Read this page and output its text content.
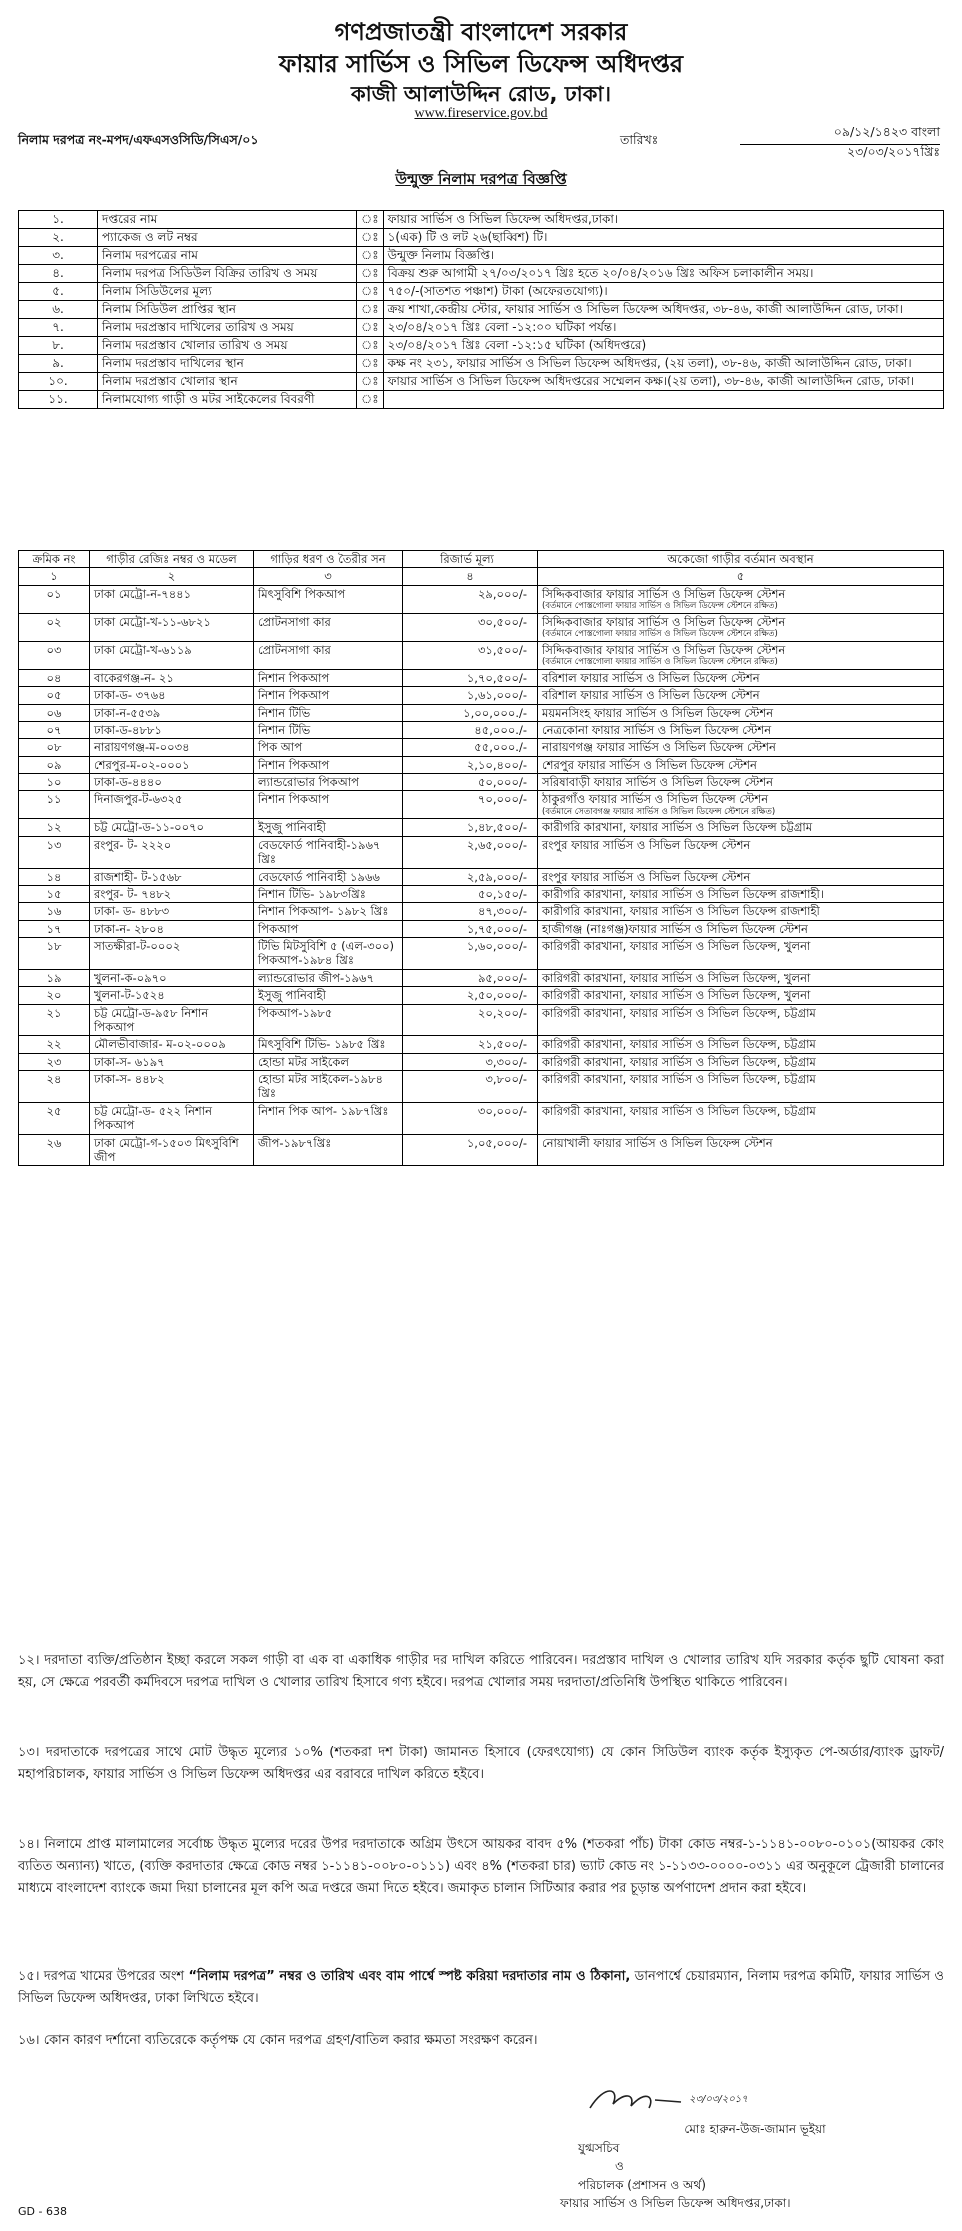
গণপ্রজাতন্ত্রী বাংলাদেশ সরকার
ফায়ার সার্ভিস ও সিভিল ডিফেন্স অধিদপ্তর
কাজী আলাউদ্দিন রোড, ঢাকা।
www.fireservice.gov.bd
নিলাম দরপত্র নং-মপদ/এফএসওসিডি/সিএস/০১	তারিখঃ
০৯/১২/১৪২৩ বাংলা
২৩/০৩/২০১৭খ্রিঃ
উন্মুক্ত নিলাম দরপত্র বিজ্ঞপ্তি
১.	দপ্তরের নাম	ঃ	ফায়ার সার্ভিস ও সিভিল ডিফেন্স অধিদপ্তর,ঢাকা।
২.	প্যাকেজ ও লট নম্বর	ঃ	১(এক) টি ও লট ২৬(ছাব্বিশ) টি।
৩.	নিলাম দরপত্রের নাম	ঃ	উন্মুক্ত নিলাম বিজ্ঞপ্তি।
৪.	নিলাম দরপত্র সিডিউল বিক্রির তারিখ ও সময়	ঃ	বিক্রয় শুরু আগামী ২৭/০৩/২০১৭ খ্রিঃ হতে ২০/০৪/২০১৬ খ্রিঃ অফিস চলাকালীন সময়।
৫.	নিলাম সিডিউলের মূল্য	ঃ	৭৫০/-(সাতশত পঞ্চাশ) টাকা (অফেরতযোগ্য)।
৬.	নিলাম সিডিউল প্রাপ্তির স্থান	ঃ	ক্রয় শাখা,কেন্দ্রীয় স্টোর, ফায়ার সার্ভিস ও সিভিল ডিফেন্স অধিদপ্তর, ৩৮-৪৬, কাজী আলাউদ্দিন রোড, ঢাকা।
৭.	নিলাম দরপ্রস্তাব দাখিলের তারিখ ও সময়	ঃ	২৩/০৪/২০১৭ খ্রিঃ বেলা -১২:০০ ঘটিকা পর্যন্ত।
৮.	নিলাম দরপ্রস্তাব খোলার তারিখ ও সময়	ঃ	২৩/০৪/২০১৭ খ্রিঃ বেলা -১২:১৫ ঘটিকা (অধিদপ্তরে)
৯.	নিলাম দরপ্রস্তাব দাখিলের স্থান	ঃ	কক্ষ নং ২৩১, ফায়ার সার্ভিস ও সিভিল ডিফেন্স অধিদপ্তর, (২য় তলা), ৩৮-৪৬, কাজী আলাউদ্দিন রোড, ঢাকা।
১০.	নিলাম দরপ্রস্তাব খোলার স্থান	ঃ	ফায়ার সার্ভিস ও সিভিল ডিফেন্স অধিদপ্তরের সম্মেলন কক্ষ।(২য় তলা), ৩৮-৪৬, কাজী আলাউদ্দিন রোড, ঢাকা।
১১.	নিলামযোগ্য গাড়ী ও মটর সাইকেলের বিবরণী	ঃ	
ক্রমিক নং	গাড়ীর রেজিঃ নম্বর ও মডেল	গাড়ির ধরণ ও তৈরীর সন	রিজার্ভ মূল্য	অকেজো গাড়ীর বর্তমান অবস্থান
১	২	৩	৪	৫
০১	ঢাকা মেট্রো-ন-৭৪৪১	মিৎসুবিশি পিকআপ	২৯,০০০/-	সিদ্দিকবাজার ফায়ার সার্ভিস ও সিভিল ডিফেন্স স্টেশন
(বর্তমানে পোস্তগোলা ফায়ার সার্ভিস ও সিভিল ডিফেন্স স্টেশনে রক্ষিত)

০২	ঢাকা মেট্রো-খ-১১-৬৮২১	প্রোটনসাগা কার	৩০,৫০০/-	সিদ্দিকবাজার ফায়ার সার্ভিস ও সিভিল ডিফেন্স স্টেশন
(বর্তমানে পোস্তগোলা ফায়ার সার্ভিস ও সিভিল ডিফেন্স স্টেশনে রক্ষিত)

০৩	ঢাকা মেট্রো-খ-৬১১৯	প্রোটনসাগা কার	৩১,৫০০/-	সিদ্দিকবাজার ফায়ার সার্ভিস ও সিভিল ডিফেন্স স্টেশন
(বর্তমানে পোস্তগোলা ফায়ার সার্ভিস ও সিভিল ডিফেন্স স্টেশনে রক্ষিত)

০৪	বাকেরগঞ্জ-ন- ২১	নিশান পিকআপ	১,৭০,৫০০/-	বরিশাল ফায়ার সার্ভিস ও সিভিল ডিফেন্স স্টেশন
০৫	ঢাকা-ড- ৩৭৬৪	নিশান পিকআপ	১,৬১,০০০/-	বরিশাল ফায়ার সার্ভিস ও সিভিল ডিফেন্স স্টেশন
০৬	ঢাকা-ন-৫৫৩৯	নিশান টিভি	১,০০,০০০./-	ময়মনসিংহ ফায়ার সার্ভিস ও সিভিল ডিফেন্স স্টেশন
০৭	ঢাকা-ড-৪৮৮১	নিশান টিভি	৪৫,০০০./-	নেত্রকোনা ফায়ার সার্ভিস ও সিভিল ডিফেন্স স্টেশন
০৮	নারায়ণগঞ্জ-ম-০০৩৪	পিক আপ	৫৫,০০০./-	নারায়ণগঞ্জ ফায়ার সার্ভিস ও সিভিল ডিফেন্স স্টেশন
০৯	শেরপুর-ম-০২-০০০১	নিশান পিকআপ	২,১০,৪০০/-	শেরপুর ফায়ার সার্ভিস ও সিভিল ডিফেন্স স্টেশন
১০	ঢাকা-ড-৪৪৪০	ল্যান্ডরোভার পিকআপ	৫০,০০০/-	সরিষাবাড়ী ফায়ার সার্ভিস ও সিভিল ডিফেন্স স্টেশন
১১	দিনাজপুর-ট-৬৩২৫	নিশান পিকআপ	৭০,০০০/-	ঠাকুরগাঁও ফায়ার সার্ভিস ও সিভিল ডিফেন্স স্টেশন
(বর্তমানে সেতাবগঞ্জ ফায়ার সার্ভিস ও সিভিল ডিফেন্স স্টেশনে রক্ষিত)

১২	চট্ট মেট্রো-ড-১১-০০৭০	ইসুজু পানিবাহী	১,৪৮,৫০০/-	কারীগরি কারখানা, ফায়ার সার্ভিস ও সিভিল ডিফেন্স চট্টগ্রাম
১৩	রংপুর- ট- ২২২০	বেডফোর্ড পানিবাহী-১৯৬৭ খ্রিঃ	২,৬৫,০০০/-	রংপুর ফায়ার সার্ভিস ও সিভিল ডিফেন্স স্টেশন
১৪	রাজশাহী- ট-১৫৬৮	বেডফোর্ড পানিবাহী ১৯৬৬	২,৫৯,০০০/-	রংপুর ফায়ার সার্ভিস ও সিভিল ডিফেন্স স্টেশন
১৫	রংপুর- ট- ৭৪৮২	নিশান টিভি- ১৯৮৩খ্রিঃ	৫০,১৫০/-	কারীগরি কারখানা, ফায়ার সার্ভিস ও সিভিল ডিফেন্স রাজশাহী।
১৬	ঢাকা- ড- ৪৮৮৩	নিশান পিকআপ- ১৯৮২ খ্রিঃ	৪৭,৩০০/-	কারীগরি কারখানা, ফায়ার সার্ভিস ও সিভিল ডিফেন্স রাজশাহী
১৭	ঢাকা-ন- ২৮০৪	পিকআপ	১,৭৫,০০০/-	হাজীগঞ্জ (নাঃগঞ্জ)ফায়ার সার্ভিস ও সিভিল ডিফেন্স স্টেশন
১৮	সাতক্ষীরা-ট-০০০২	টিভি মিটসুবিশি ৫ (এল-৩০০) পিকআপ-১৯৮৪ খ্রিঃ	১,৬০,০০০/-	কারিগরী কারখানা, ফায়ার সার্ভিস ও সিভিল ডিফেন্স, খুলনা
১৯	খুলনা-ক-০৯৭০	ল্যান্ডরোভার জীপ-১৯৬৭	৯৫,০০০/-	কারিগরী কারখানা, ফায়ার সার্ভিস ও সিভিল ডিফেন্স, খুলনা
২০	খুলনা-ট-১৫২৪	ইসুজু পানিবাহী	২,৫০,০০০/-	কারিগরী কারখানা, ফায়ার সার্ভিস ও সিভিল ডিফেন্স, খুলনা
২১	চট্ট মেট্রো-ড-৯৫৮ নিশান পিকআপ	পিকআপ-১৯৮৫	২০,২০০/-	কারিগরী কারখানা, ফায়ার সার্ভিস ও সিভিল ডিফেন্স, চট্টগ্রাম
২২	মৌলভীবাজার- ম-০২-০০০৯	মিৎসুবিশি টিভি- ১৯৮৫ খ্রিঃ	২১,৫০০/-	কারিগরী কারখানা, ফায়ার সার্ভিস ও সিভিল ডিফেন্স, চট্টগ্রাম
২৩	ঢাকা-স- ৬১৯৭	হোন্ডা মটর সাইকেল	৩,৩০০/-	কারিগরী কারখানা, ফায়ার সার্ভিস ও সিভিল ডিফেন্স, চট্টগ্রাম
২৪	ঢাকা-স- ৪৪৮২	হোন্ডা মটর সাইকেল-১৯৮৪ খ্রিঃ	৩,৮০০/-	কারিগরী কারখানা, ফায়ার সার্ভিস ও সিভিল ডিফেন্স, চট্টগ্রাম
২৫	চট্ট মেট্রো-ড- ৫২২ নিশান পিকআপ	নিশান পিক আপ- ১৯৮৭খ্রিঃ	৩০,০০০/-	কারিগরী কারখানা, ফায়ার সার্ভিস ও সিভিল ডিফেন্স, চট্টগ্রাম
২৬	ঢাকা মেট্রো-গ-১৫০৩ মিৎসুবিশি জীপ	জীপ-১৯৮৭খ্রিঃ	১,০৫,০০০/-	নোয়াখালী ফায়ার সার্ভিস ও সিভিল ডিফেন্স স্টেশন
১২। দরদাতা ব্যক্তি/প্রতিষ্ঠান ইচ্ছা করলে সকল গাড়ী বা এক বা একাধিক গাড়ীর দর দাখিল করিতে পারিবেন। দরপ্রস্তাব দাখিল ও খোলার তারিখ যদি সরকার কর্তৃক ছুটি ঘোষনা করা হয়, সে ক্ষেত্রে পরবর্তী কর্মদিবসে দরপত্র দাখিল ও খোলার তারিখ হিসাবে গণ্য হইবে। দরপত্র খোলার সময় দরদাতা/প্রতিনিধি উপস্থিত থাকিতে পারিবেন।
১৩। দরদাতাকে দরপত্রের সাথে মোট উদ্ধৃত মূল্যের ১০% (শতকরা দশ টাকা) জামানত হিসাবে (ফেরৎযোগ্য) যে কোন সিডিউল ব্যাংক কর্তৃক ইস্যুকৃত পে-অর্ডার/ব্যাংক ড্রাফট/ মহাপরিচালক, ফায়ার সার্ভিস ও সিভিল ডিফেন্স অধিদপ্তর এর বরাবরে দাখিল করিতে হইবে।
১৪। নিলামে প্রাপ্ত মালামালের সর্বোচ্চ উদ্ধৃত মুল্যের দরের উপর দরদাতাকে অগ্রিম উৎসে আয়কর বাবদ ৫% (শতকরা পাঁচ) টাকা কোড নম্বর-১-১১৪১-০০৮০-০১০১(আয়কর কোং ব্যতিত অন্যান্য) খাতে, (ব্যক্তি করদাতার ক্ষেত্রে কোড নম্বর ১-১১৪১-০০৮০-০১১১) এবং ৪% (শতকরা চার) ভ্যাট কোড নং ১-১১৩৩-০০০০-০৩১১ এর অনুকূলে ট্রেজারী চালানের মাধ্যমে বাংলাদেশ ব্যাংকে জমা দিয়া চালানের মূল কপি অত্র দপ্তরে জমা দিতে হইবে। জমাকৃত চালান সিটিআর করার পর চূড়ান্ত অর্পণাদেশ প্রদান করা হইবে।
১৫। দরপত্র খামের উপরের অংশ “নিলাম দরপত্র” নম্বর ও তারিখ এবং বাম পার্শ্বে স্পষ্ট করিয়া দরদাতার নাম ও ঠিকানা, ডানপার্শ্বে চেয়ারম্যান, নিলাম দরপত্র কমিটি, ফায়ার সার্ভিস ও সিভিল ডিফেন্স অধিদপ্তর, ঢাকা লিখিতে হইবে।
১৬। কোন কারণ দর্শানো ব্যতিরেকে কর্তৃপক্ষ যে কোন দরপত্র গ্রহণ/বাতিল করার ক্ষমতা সংরক্ষণ করেন।
২৩/০৩/২০১৭
মোঃ হারুন-উজ-জামান ভূইয়া
যুগ্মসচিব
ও
পরিচালক (প্রশাসন ও অর্থ)
ফায়ার সার্ভিস ও সিভিল ডিফেন্স অধিদপ্তর,ঢাকা।
GD - 638
